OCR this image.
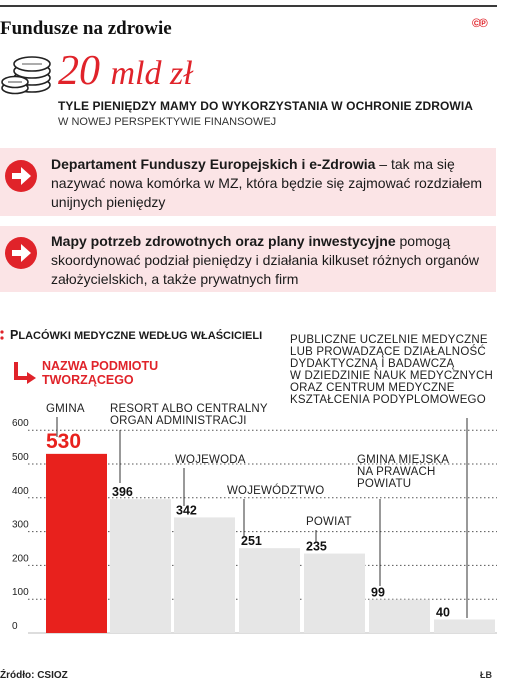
Fundusze na zdrowie	©℗
20 mld zł
TYLE PIENIĘDZY MAMY DO WYKORZYSTANIA W OCHRONIE ZDROWIA
W NOWEJ PERSPEKTYWIE FINANSOWEJ
Departament Funduszy Europejskich i e-Zdrowia – tak ma się nazywać nowa komórka w MZ, która będzie się zajmować rozdziałem unijnych pieniędzy
Mapy potrzeb zdrowotnych oraz plany inwestycyjne pomogą skoordynować podział pieniędzy i działania kilkuset różnych organów założycielskich, a także prywatnych firm
0
100
200
300
400
500
600
530
396
342
251	235
99
40
GMINA RESORT ALBO CENTRALNY
ORGAN ADMINISTRACJI
WOJEWODA
WOJEWÓDZTWO
POWIAT
GMINA MIEJSKA
NA PRAWACH
POWIATU
PUBLICZNE UCZELNIE MEDYCZNE
LUB PROWADZĄCE DZIAŁALNOŚĆ
DYDAKTYCZNĄ I BADAWCZĄ
W DZIEDZINIE NAUK MEDYCZNYCH
ORAZ CENTRUM MEDYCZNE
KSZTAŁCENIA PODYPLOMOWEGO
PLACÓWKI MEDYCZNE WEDŁUG WŁAŚCICIELI
NAZWA PODMIOTU
TWORZĄCEGO
Źródło: CSIOZ	ŁB
